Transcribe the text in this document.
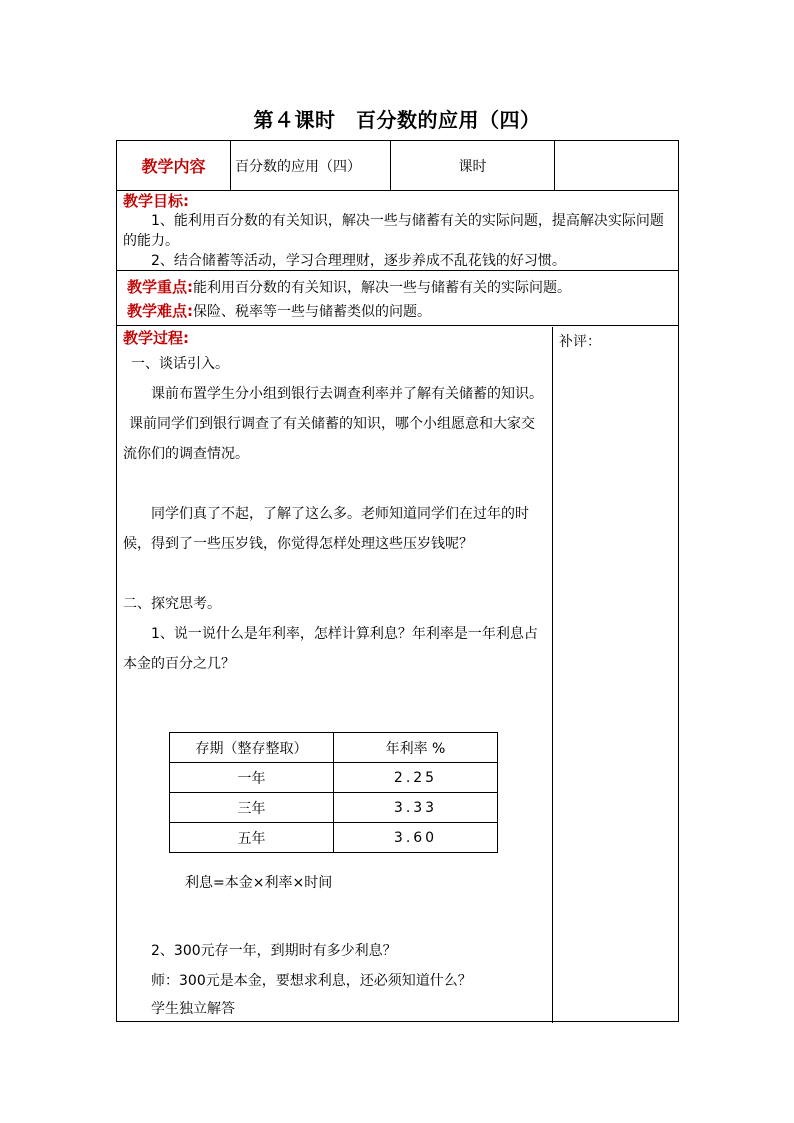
第４课时　百分数的应用（四）
教学内容	百分数的应用（四）	课时
教学目标:

1、能利用百分数的有关知识，解决一些与储蓄有关的实际问题，提高解决实际问题的能力。

2、结合储蓄等活动，学习合理理财，逐步养成不乱花钱的好习惯。

教学重点:能利用百分数的有关知识，解决一些与储蓄有关的实际问题。
教学难点:保险、税率等一些与储蓄类似的问题。
教学过程:

一、谈话引入。

课前布置学生分小组到银行去调查利率并了解有关储蓄的知识。

课前同学们到银行调查了有关储蓄的知识，哪个小组愿意和大家交流你们的调查情况。

同学们真了不起，了解了这么多。老师知道同学们在过年的时候，得到了一些压岁钱，你觉得怎样处理这些压岁钱呢？

二、探究思考。

1、说一说什么是年利率，怎样计算利息？年利率是一年利息占本金的百分之几？

存期（整存整取）	年利率 %
一年	2.25
三年	3.33
五年	3.60

利息=本金×利率×时间

2、300元存一年，到期时有多少利息？

师：300元是本金，要想求利息，还必须知道什么？

学生独立解答

补评：
